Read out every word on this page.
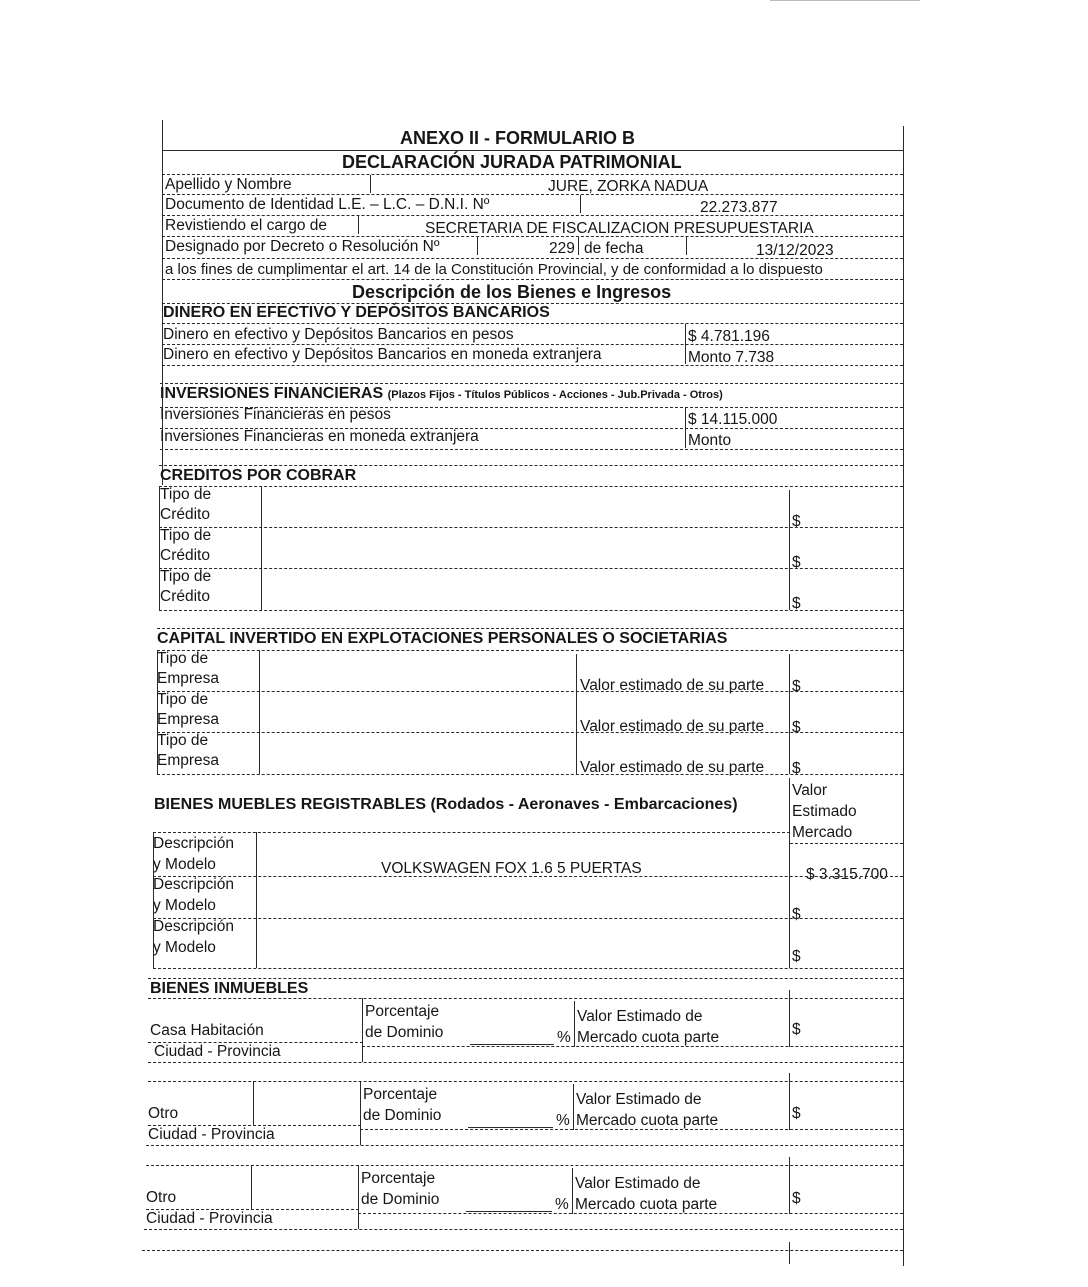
ANEXO II - FORMULARIO B
DECLARACIÓN JURADA PATRIMONIAL
Apellido y Nombre	JURE, ZORKA NADUA
Documento de Identidad L.E. – L.C. – D.N.I. Nº	22.273.877
Revistiendo el cargo de	SECRETARIA DE FISCALIZACION PRESUPUESTARIA
Designado por Decreto o Resolución Nº	229 de fecha	13/12/2023
a los fines de cumplimentar el art. 14 de la Constitución Provincial, y de conformidad a lo dispuesto
Descripción de los Bienes e Ingresos
DINERO EN EFECTIVO Y DEPÓSITOS BANCARIOS
Dinero en efectivo y Depósitos Bancarios en pesos	$ 4.781.196
Dinero en efectivo y Depósitos Bancarios en moneda extranjera	Monto 7.738
INVERSIONES FINANCIERAS (Plazos Fijos - Títulos Públicos - Acciones - Jub.Privada - Otros)
Inversiones Financieras en pesos	$ 14.115.000
Inversiones Financieras en moneda extranjera	Monto
CREDITOS POR COBRAR
Tipo de
Crédito	$
Tipo de
Crédito	$
Tipo de
Crédito	$
CAPITAL INVERTIDO EN EXPLOTACIONES PERSONALES O SOCIETARIAS
Tipo de
Empresa	Valor estimado de su parte $
Tipo de
Empresa	Valor estimado de su parte $
Tipo de
Empresa	Valor estimado de su parte $
BIENES MUEBLES REGISTRABLES (Rodados - Aeronaves - Embarcaciones)
Valor
Estimado
Mercado
Descripción
y Modelo	VOLKSWAGEN FOX 1.6 5 PUERTAS	$ 3.315.700
Descripción
y Modelo
$
Descripción
y Modelo
$
BIENES INMUEBLES
Casa Habitación
Porcentaje
de Dominio	%
Valor Estimado de
Mercado cuota parte	$
Ciudad - Provincia
Otro
Porcentaje
de Dominio	%
Valor Estimado de
Mercado cuota parte	$
Ciudad - Provincia
Otro
Porcentaje
de Dominio	%
Valor Estimado de
Mercado cuota parte	$
Ciudad - Provincia
